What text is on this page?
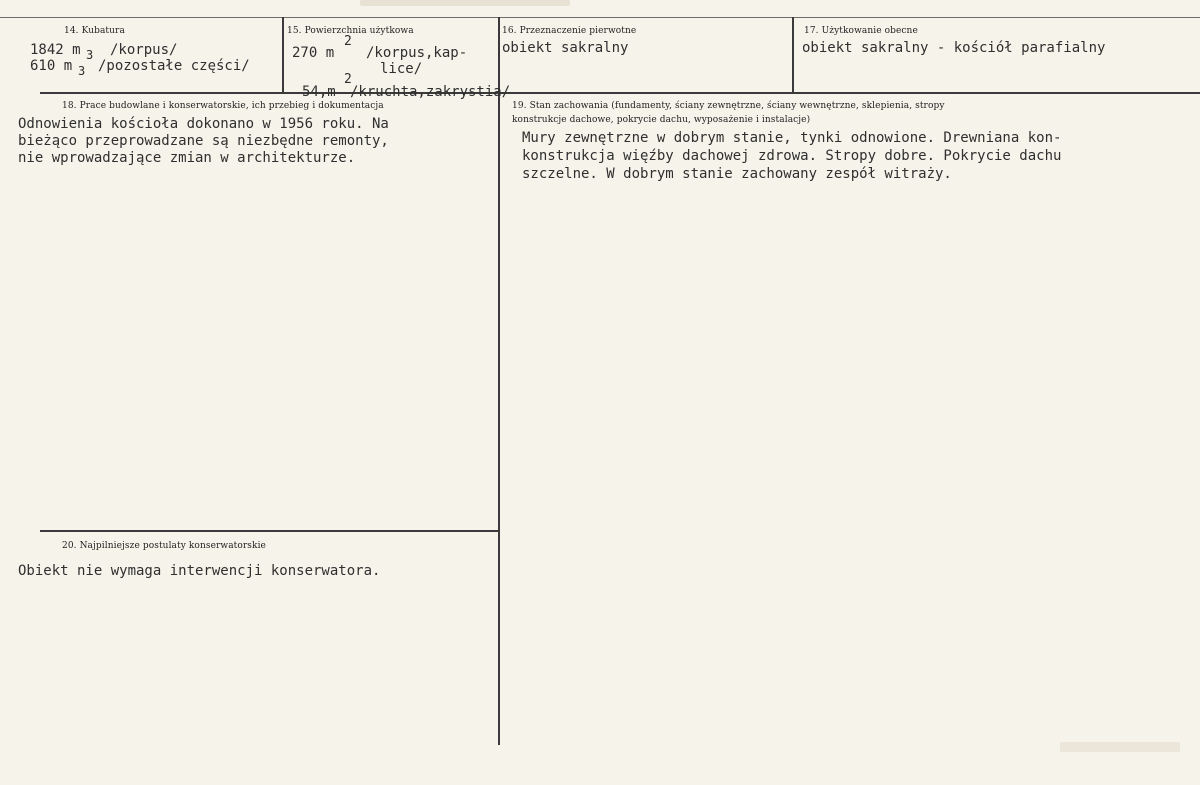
14. Kubatura
1842 m 3 /korpus/
610 m 3 /pozostałe części/
15. Powierzchnia użytkowa
270 m
2
/korpus,kap-
lice/
54,m
2
/kruchta,zakrystia/
16. Przeznaczenie pierwotne
obiekt sakralny
17. Użytkowanie obecne
obiekt sakralny - kościół parafialny
18. Prace budowlane i konserwatorskie, ich przebieg i dokumentacja
Odnowienia kościoła dokonano w 1956 roku. Na
bieżąco przeprowadzane są niezbędne remonty,
nie wprowadzające zmian w architekturze.
19. Stan zachowania (fundamenty, ściany zewnętrzne, ściany wewnętrzne, sklepienia, stropy
konstrukcje dachowe, pokrycie dachu, wyposażenie i instalacje)
Mury zewnętrzne w dobrym stanie, tynki odnowione. Drewniana kon-
konstrukcja więźby dachowej zdrowa. Stropy dobre. Pokrycie dachu
szczelne. W dobrym stanie zachowany zespół witraży.
20. Najpilniejsze postulaty konserwatorskie
Obiekt nie wymaga interwencji konserwatora.
